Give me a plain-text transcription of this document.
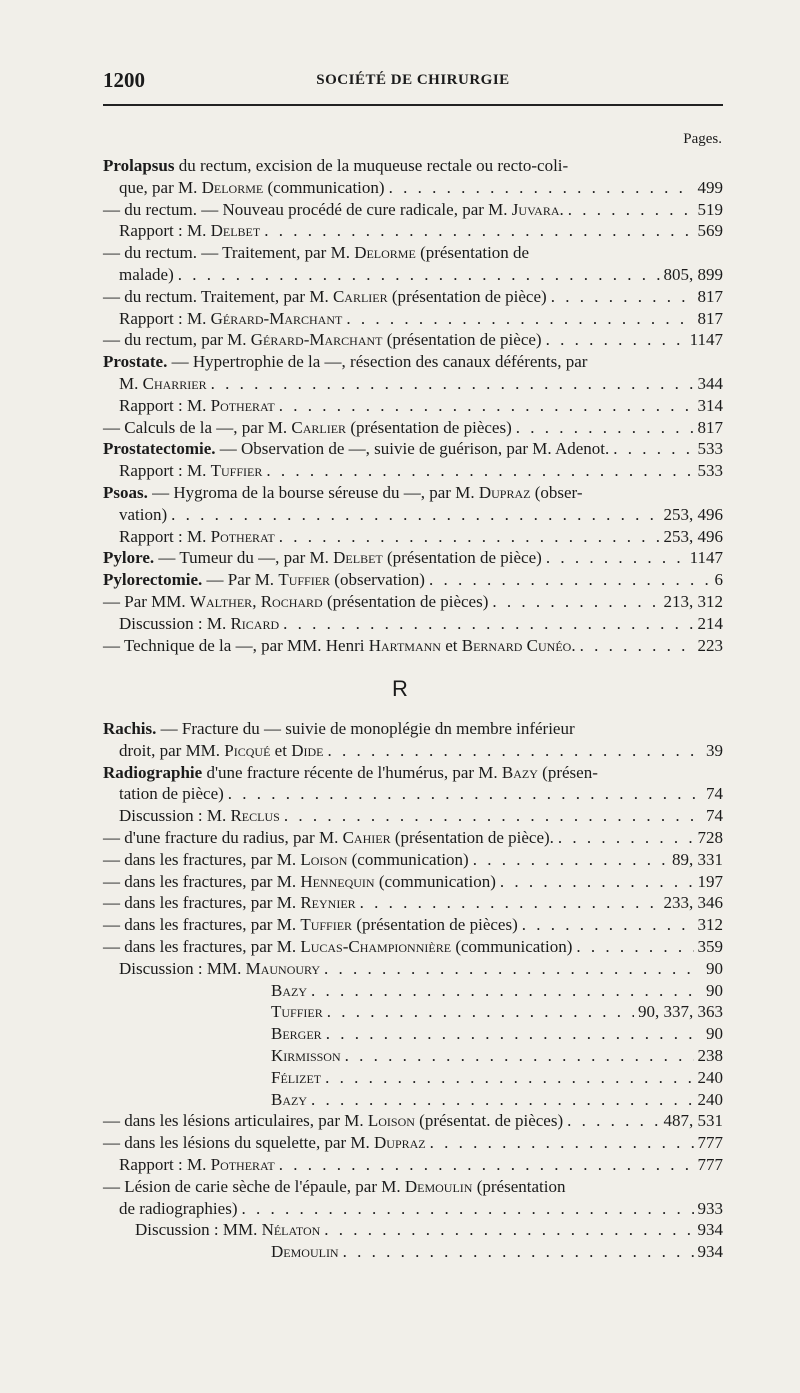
1200	SOCIÉTÉ DE CHIRURGIE
Pages.
Prolapsus du rectum, excision de la muqueuse rectale ou recto-coli-
que, par M. Delorme (communication) . . .	499
— du rectum. — Nouveau procédé de cure radicale, par M. Juvara. . . .	519
Rapport : M. Delbet . . .	569
— du rectum. — Traitement, par M. Delorme (présentation de
malade) . . .	805, 899
— du rectum. Traitement, par M. Carlier (présentation de pièce) . . .	817
Rapport : M. Gérard-Marchant . . .	817
— du rectum, par M. Gérard-Marchant (présentation de pièce) . . .	1147
Prostate. — Hypertrophie de la —, résection des canaux déférents, par
M. Charrier . . .	344
Rapport : M. Potherat . . .	314
— Calculs de la —, par M. Carlier (présentation de pièces) . . .	817
Prostatectomie. — Observation de —, suivie de guérison, par M. Adenot. . . .	533
Rapport : M. Tuffier . . .	533
Psoas. — Hygroma de la bourse séreuse du —, par M. Dupraz (obser-
vation) . . .	253, 496
Rapport : M. Potherat . . .	253, 496
Pylore. — Tumeur du —, par M. Delbet (présentation de pièce) . . .	1147
Pylorectomie. — Par M. Tuffier (observation) . . .	6
— Par MM. Walther, Rochard (présentation de pièces) . . .	213, 312
Discussion : M. Ricard . . .	214
— Technique de la —, par MM. Henri Hartmann et Bernard Cunéo. . . .	223
R
Rachis. — Fracture du — suivie de monoplégie dn membre inférieur
droit, par MM. Picqué et Dide . . .	39
Radiographie d'une fracture récente de l'humérus, par M. Bazy (présen-
tation de pièce) . . .	74
Discussion : M. Reclus . . .	74
— d'une fracture du radius, par M. Cahier (présentation de pièce). . . .	728
— dans les fractures, par M. Loison (communication) . . .	89, 331
— dans les fractures, par M. Hennequin (communication) . . .	197
— dans les fractures, par M. Reynier . . .	233, 346
— dans les fractures, par M. Tuffier (présentation de pièces) . . .	312
— dans les fractures, par M. Lucas-Championnière (communication) . . .	359
Discussion : MM. Maunoury . . .	90
Bazy . . .	90
Tuffier . . .	90, 337, 363
Berger . . .	90
Kirmisson . . .	238
Félizet . . .	240
Bazy . . .	240
— dans les lésions articulaires, par M. Loison (présentat. de pièces) . . .	487, 531
— dans les lésions du squelette, par M. Dupraz . . .	777
Rapport : M. Potherat . . .	777
— Lésion de carie sèche de l'épaule, par M. Demoulin (présentation
de radiographies) . . .	933
Discussion : MM. Nélaton . . .	934
Demoulin . . .	934
